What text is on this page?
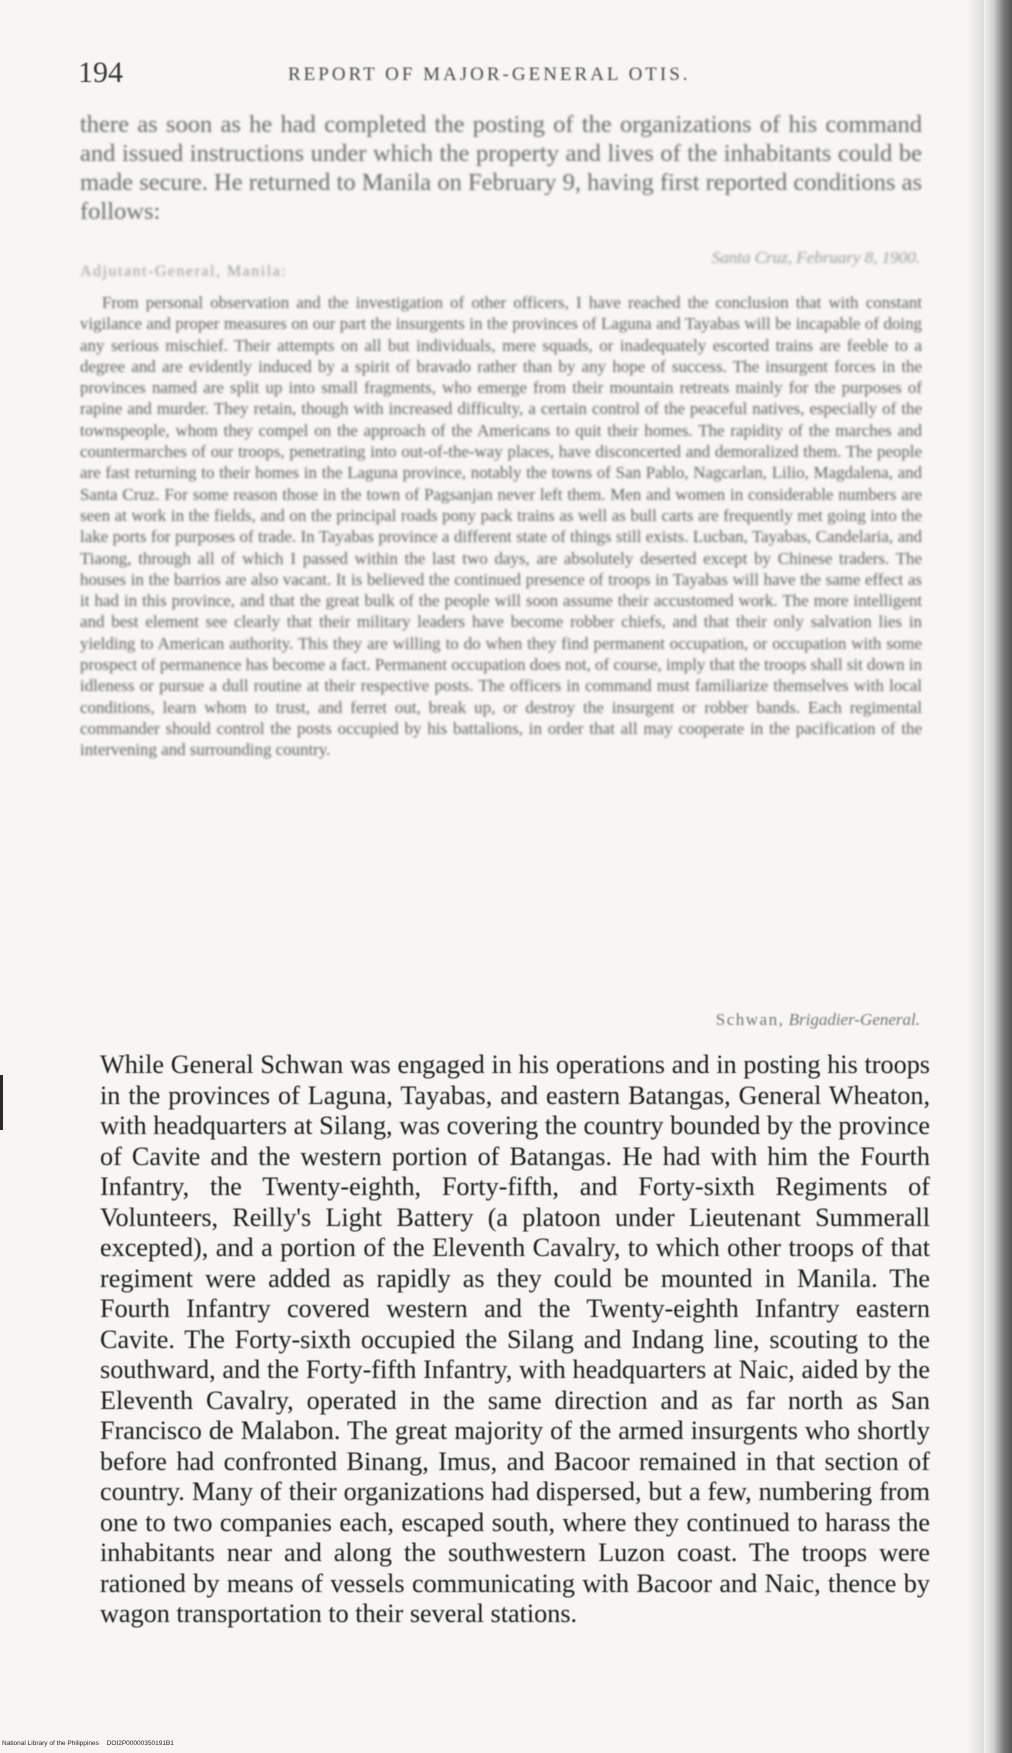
194	REPORT OF MAJOR-GENERAL OTIS.

there as soon as he had completed the posting of the organizations of his command and issued instructions under which the property and lives of the inhabitants could be made secure. He returned to Manila on February 9, having first reported conditions as follows:

Santa Cruz, February 8, 1900.
Adjutant-General, Manila:

From personal observation and the investigation of other officers, I have reached the conclusion that with constant vigilance and proper measures on our part the insurgents in the provinces of Laguna and Tayabas will be incapable of doing any serious mischief. Their attempts on all but individuals, mere squads, or inadequately escorted trains are feeble to a degree and are evidently induced by a spirit of bravado rather than by any hope of success. The insurgent forces in the provinces named are split up into small fragments, who emerge from their mountain retreats mainly for the purposes of rapine and murder. They retain, though with increased difficulty, a certain control of the peaceful natives, especially of the townspeople, whom they compel on the approach of the Americans to quit their homes. The rapidity of the marches and countermarches of our troops, penetrating into out-of-the-way places, have disconcerted and demoralized them. The people are fast returning to their homes in the Laguna province, notably the towns of San Pablo, Nagcarlan, Lilio, Magdalena, and Santa Cruz. For some reason those in the town of Pagsanjan never left them. Men and women in considerable numbers are seen at work in the fields, and on the principal roads pony pack trains as well as bull carts are frequently met going into the lake ports for purposes of trade. In Tayabas province a different state of things still exists. Lucban, Tayabas, Candelaria, and Tiaong, through all of which I passed within the last two days, are absolutely deserted except by Chinese traders. The houses in the barrios are also vacant. It is believed the continued presence of troops in Tayabas will have the same effect as it had in this province, and that the great bulk of the people will soon assume their accustomed work. The more intelligent and best element see clearly that their military leaders have become robber chiefs, and that their only salvation lies in yielding to American authority. This they are willing to do when they find permanent occupation, or occupation with some prospect of permanence has become a fact. Permanent occupation does not, of course, imply that the troops shall sit down in idleness or pursue a dull routine at their respective posts. The officers in command must familiarize themselves with local conditions, learn whom to trust, and ferret out, break up, or destroy the insurgent or robber bands. Each regimental commander should control the posts occupied by his battalions, in order that all may cooperate in the pacification of the intervening and surrounding country.

Schwan, Brigadier-General.

While General Schwan was engaged in his operations and in posting his troops in the provinces of Laguna, Tayabas, and eastern Batangas, General Wheaton, with headquarters at Silang, was covering the country bounded by the province of Cavite and the western portion of Batangas. He had with him the Fourth Infantry, the Twenty-eighth, Forty-fifth, and Forty-sixth Regiments of Volunteers, Reilly's Light Battery (a platoon under Lieutenant Summerall excepted), and a portion of the Eleventh Cavalry, to which other troops of that regiment were added as rapidly as they could be mounted in Manila. The Fourth Infantry covered western and the Twenty-eighth Infantry eastern Cavite. The Forty-sixth occupied the Silang and Indang line, scouting to the southward, and the Forty-fifth Infantry, with headquarters at Naic, aided by the Eleventh Cavalry, operated in the same direction and as far north as San Francisco de Malabon. The great majority of the armed insurgents who shortly before had confronted Binang, Imus, and Bacoor remained in that section of country. Many of their organizations had dispersed, but a few, numbering from one to two companies each, escaped south, where they continued to harass the inhabitants near and along the southwestern Luzon coast. The troops were rationed by means of vessels communicating with Bacoor and Naic, thence by wagon transportation to their several stations.

National Library of the Philippines DOI2P00000350191B1
